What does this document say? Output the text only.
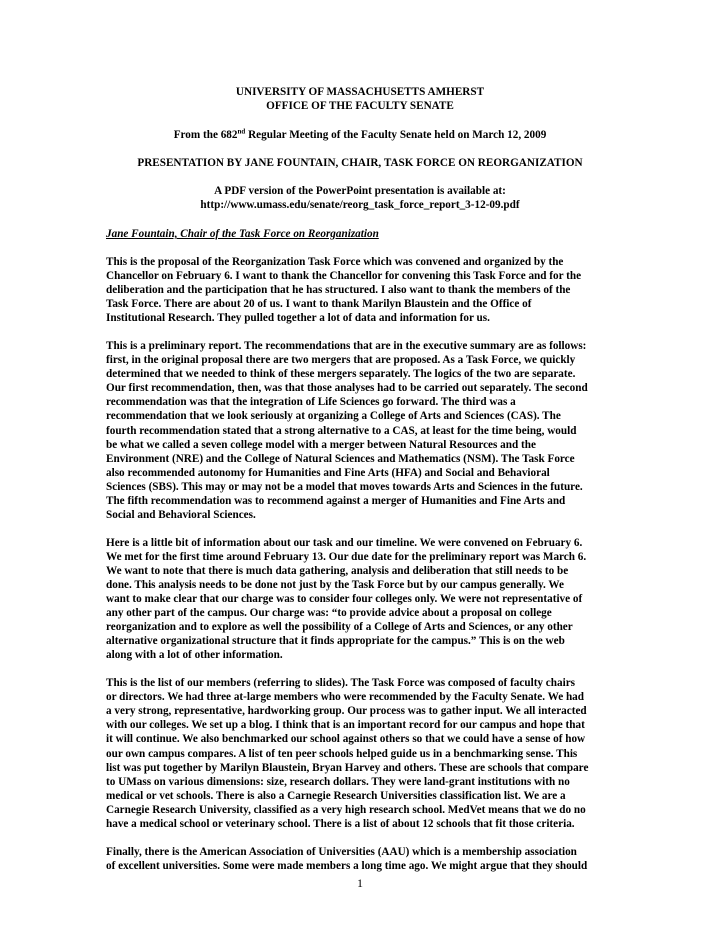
UNIVERSITY OF MASSACHUSETTS AMHERST
OFFICE OF THE FACULTY SENATE
From the 682nd Regular Meeting of the Faculty Senate held on March 12, 2009
PRESENTATION BY JANE FOUNTAIN, CHAIR, TASK FORCE ON REORGANIZATION
A PDF version of the PowerPoint presentation is available at:
http://www.umass.edu/senate/reorg_task_force_report_3-12-09.pdf
Jane Fountain, Chair of the Task Force on Reorganization

This is the proposal of the Reorganization Task Force which was convened and organized by the
Chancellor on February 6. I want to thank the Chancellor for convening this Task Force and for the
deliberation and the participation that he has structured. I also want to thank the members of the
Task Force. There are about 20 of us. I want to thank Marilyn Blaustein and the Office of
Institutional Research. They pulled together a lot of data and information for us.

This is a preliminary report. The recommendations that are in the executive summary are as follows:
first, in the original proposal there are two mergers that are proposed. As a Task Force, we quickly
determined that we needed to think of these mergers separately. The logics of the two are separate.
Our first recommendation, then, was that those analyses had to be carried out separately. The second
recommendation was that the integration of Life Sciences go forward. The third was a
recommendation that we look seriously at organizing a College of Arts and Sciences (CAS). The
fourth recommendation stated that a strong alternative to a CAS, at least for the time being, would
be what we called a seven college model with a merger between Natural Resources and the
Environment (NRE) and the College of Natural Sciences and Mathematics (NSM). The Task Force
also recommended autonomy for Humanities and Fine Arts (HFA) and Social and Behavioral
Sciences (SBS). This may or may not be a model that moves towards Arts and Sciences in the future.
The fifth recommendation was to recommend against a merger of Humanities and Fine Arts and
Social and Behavioral Sciences.

Here is a little bit of information about our task and our timeline. We were convened on February 6.
We met for the first time around February 13. Our due date for the preliminary report was March 6.
We want to note that there is much data gathering, analysis and deliberation that still needs to be
done. This analysis needs to be done not just by the Task Force but by our campus generally. We
want to make clear that our charge was to consider four colleges only. We were not representative of
any other part of the campus. Our charge was: “to provide advice about a proposal on college
reorganization and to explore as well the possibility of a College of Arts and Sciences, or any other
alternative organizational structure that it finds appropriate for the campus.” This is on the web
along with a lot of other information.

This is the list of our members (referring to slides). The Task Force was composed of faculty chairs
or directors. We had three at-large members who were recommended by the Faculty Senate. We had
a very strong, representative, hardworking group. Our process was to gather input. We all interacted
with our colleges. We set up a blog. I think that is an important record for our campus and hope that
it will continue. We also benchmarked our school against others so that we could have a sense of how
our own campus compares. A list of ten peer schools helped guide us in a benchmarking sense. This
list was put together by Marilyn Blaustein, Bryan Harvey and others. These are schools that compare
to UMass on various dimensions: size, research dollars. They were land-grant institutions with no
medical or vet schools. There is also a Carnegie Research Universities classification list. We are a
Carnegie Research University, classified as a very high research school. MedVet means that we do no
have a medical school or veterinary school. There is a list of about 12 schools that fit those criteria.

Finally, there is the American Association of Universities (AAU) which is a membership association
of excellent universities. Some were made members a long time ago. We might argue that they should

1
